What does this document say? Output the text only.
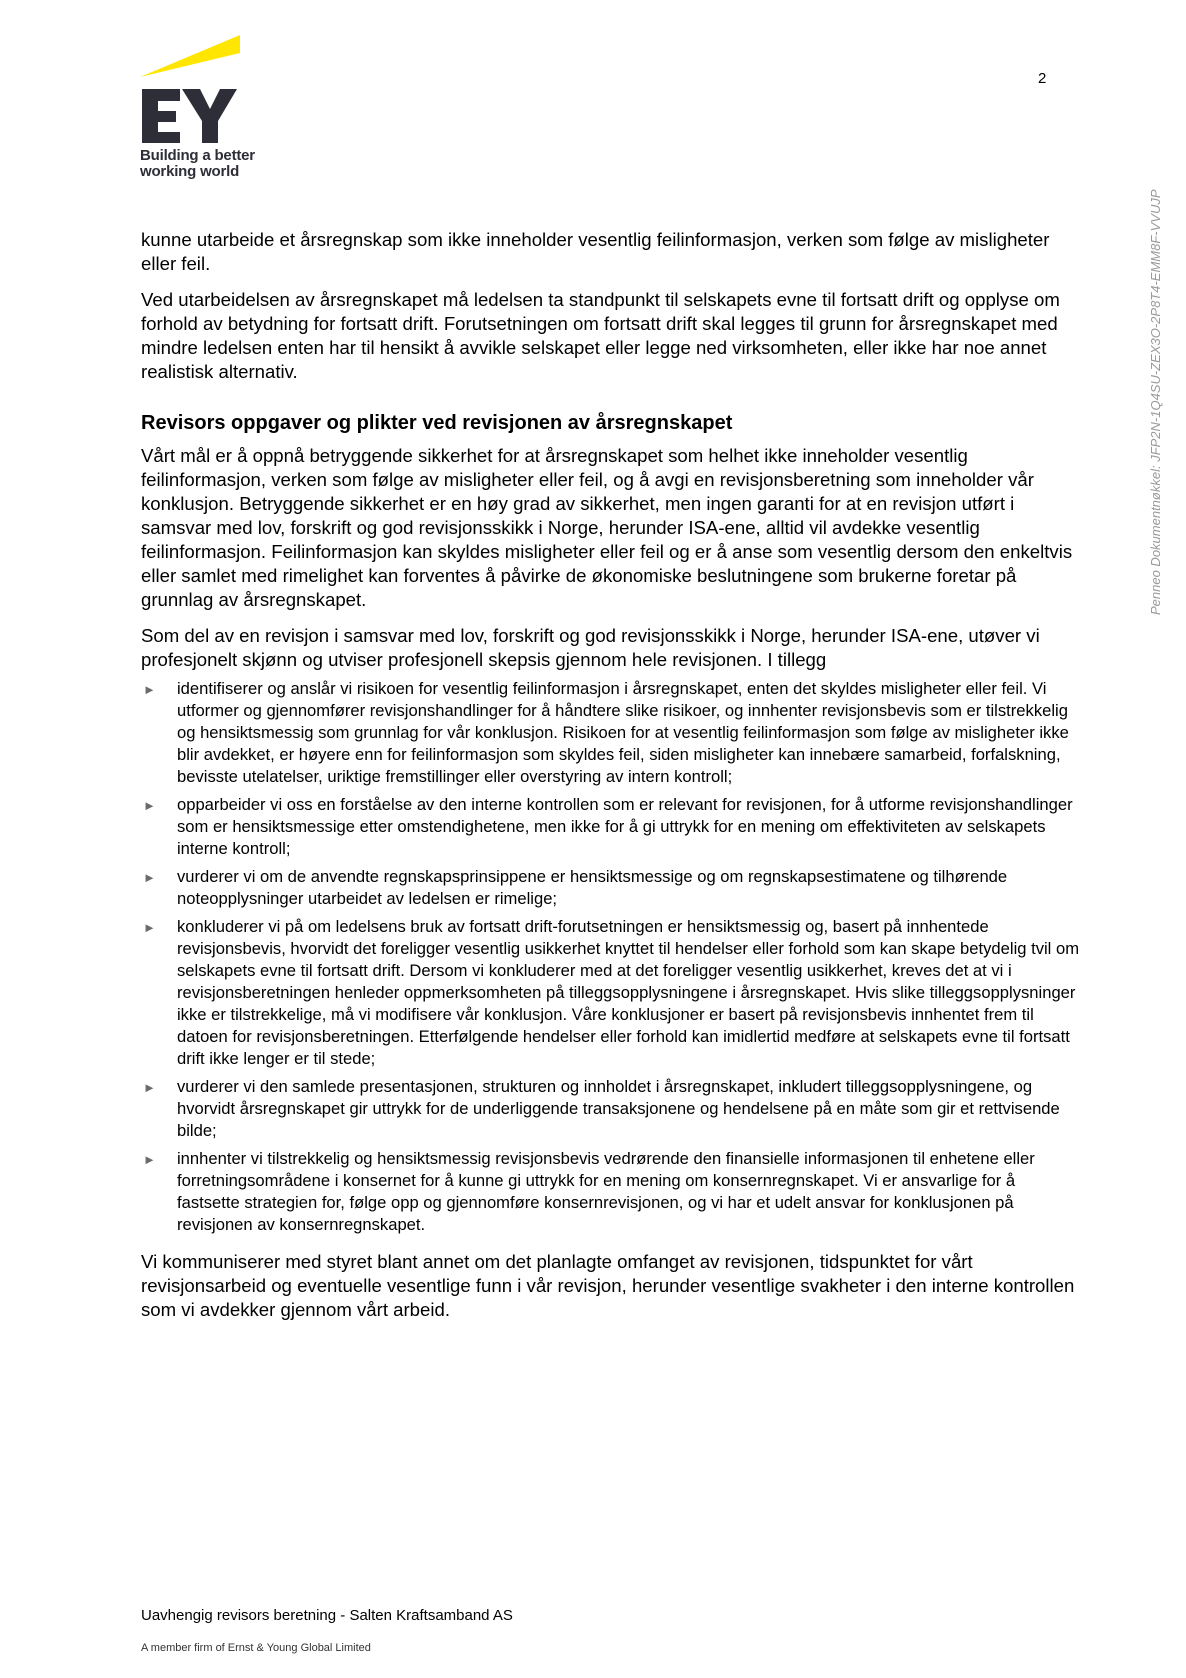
Building a better
working world
2

kunne utarbeide et årsregnskap som ikke inneholder vesentlig feilinformasjon, verken som følge av misligheter eller feil.

Ved utarbeidelsen av årsregnskapet må ledelsen ta standpunkt til selskapets evne til fortsatt drift og opplyse om forhold av betydning for fortsatt drift. Forutsetningen om fortsatt drift skal legges til grunn for årsregnskapet med mindre ledelsen enten har til hensikt å avvikle selskapet eller legge ned virksomheten, eller ikke har noe annet realistisk alternativ.

Revisors oppgaver og plikter ved revisjonen av årsregnskapet

Vårt mål er å oppnå betryggende sikkerhet for at årsregnskapet som helhet ikke inneholder vesentlig feilinformasjon, verken som følge av misligheter eller feil, og å avgi en revisjonsberetning som inneholder vår konklusjon. Betryggende sikkerhet er en høy grad av sikkerhet, men ingen garanti for at en revisjon utført i samsvar med lov, forskrift og god revisjonsskikk i Norge, herunder ISA-ene, alltid vil avdekke vesentlig feilinformasjon. Feilinformasjon kan skyldes misligheter eller feil og er å anse som vesentlig dersom den enkeltvis eller samlet med rimelighet kan forventes å påvirke de økonomiske beslutningene som brukerne foretar på grunnlag av årsregnskapet.

Som del av en revisjon i samsvar med lov, forskrift og god revisjonsskikk i Norge, herunder ISA-ene, utøver vi profesjonelt skjønn og utviser profesjonell skepsis gjennom hele revisjonen. I tillegg

► identifiserer og anslår vi risikoen for vesentlig feilinformasjon i årsregnskapet, enten det skyldes misligheter eller feil. Vi utformer og gjennomfører revisjonshandlinger for å håndtere slike risikoer, og innhenter revisjonsbevis som er tilstrekkelig og hensiktsmessig som grunnlag for vår konklusjon. Risikoen for at vesentlig feilinformasjon som følge av misligheter ikke blir avdekket, er høyere enn for feilinformasjon som skyldes feil, siden misligheter kan innebære samarbeid, forfalskning, bevisste utelatelser, uriktige fremstillinger eller overstyring av intern kontroll;
► opparbeider vi oss en forståelse av den interne kontrollen som er relevant for revisjonen, for å utforme revisjonshandlinger som er hensiktsmessige etter omstendighetene, men ikke for å gi uttrykk for en mening om effektiviteten av selskapets interne kontroll;
► vurderer vi om de anvendte regnskapsprinsippene er hensiktsmessige og om regnskapsestimatene og tilhørende noteopplysninger utarbeidet av ledelsen er rimelige;
► konkluderer vi på om ledelsens bruk av fortsatt drift-forutsetningen er hensiktsmessig og, basert på innhentede revisjonsbevis, hvorvidt det foreligger vesentlig usikkerhet knyttet til hendelser eller forhold som kan skape betydelig tvil om selskapets evne til fortsatt drift. Dersom vi konkluderer med at det foreligger vesentlig usikkerhet, kreves det at vi i revisjonsberetningen henleder oppmerksomheten på tilleggsopplysningene i årsregnskapet. Hvis slike tilleggsopplysninger ikke er tilstrekkelige, må vi modifisere vår konklusjon. Våre konklusjoner er basert på revisjonsbevis innhentet frem til datoen for revisjonsberetningen. Etterfølgende hendelser eller forhold kan imidlertid medføre at selskapets evne til fortsatt drift ikke lenger er til stede;
► vurderer vi den samlede presentasjonen, strukturen og innholdet i årsregnskapet, inkludert tilleggsopplysningene, og hvorvidt årsregnskapet gir uttrykk for de underliggende transaksjonene og hendelsene på en måte som gir et rettvisende bilde;
► innhenter vi tilstrekkelig og hensiktsmessig revisjonsbevis vedrørende den finansielle informasjonen til enhetene eller forretningsområdene i konsernet for å kunne gi uttrykk for en mening om konsernregnskapet. Vi er ansvarlige for å fastsette strategien for, følge opp og gjennomføre konsernrevisjonen, og vi har et udelt ansvar for konklusjonen på revisjonen av konsernregnskapet.

Vi kommuniserer med styret blant annet om det planlagte omfanget av revisjonen, tidspunktet for vårt revisjonsarbeid og eventuelle vesentlige funn i vår revisjon, herunder vesentlige svakheter i den interne kontrollen som vi avdekker gjennom vårt arbeid.

Penneo Dokumentnøkkel: JFP2N-1Q4SU-ZEX3O-2P8T4-EMM8F-VVUJP
Uavhengig revisors beretning - Salten Kraftsamband AS
A member firm of Ernst & Young Global Limited
